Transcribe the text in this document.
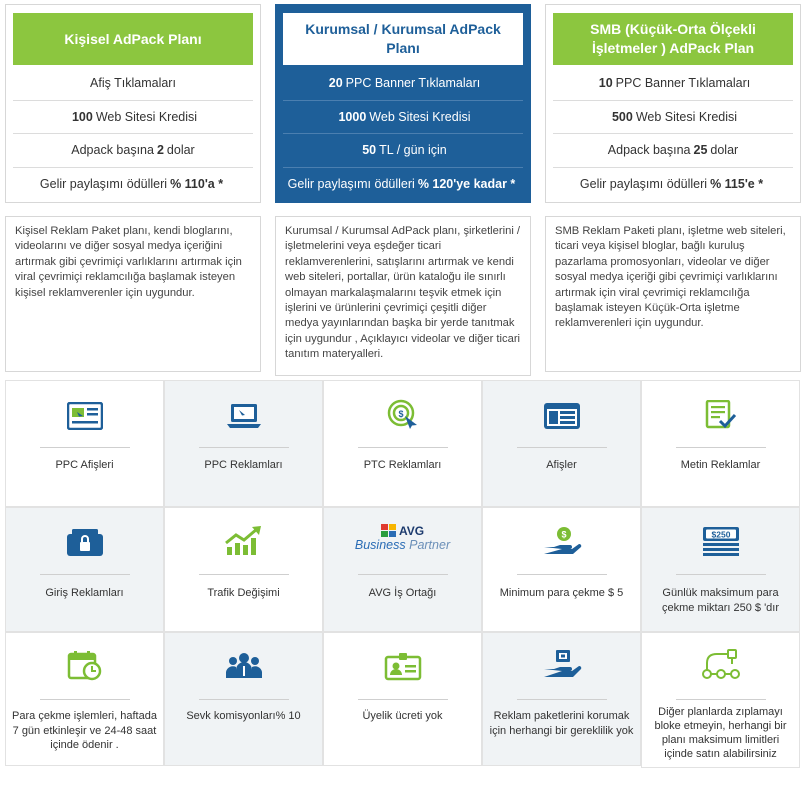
Kişisel AdPack Planı
Afiş Tıklamaları
100 Web Sitesi Kredisi
Adpack başına 2 dolar
Gelir paylaşımı ödülleri % 110'a *
Kurumsal / Kurumsal AdPack Planı
20 PPC Banner Tıklamaları
1000 Web Sitesi Kredisi
50 TL / gün için
Gelir paylaşımı ödülleri % 120'ye kadar *
SMB (Küçük-Orta Ölçekli İşletmeler ) AdPack Plan
10 PPC Banner Tıklamaları
500 Web Sitesi Kredisi
Adpack başına 25 dolar
Gelir paylaşımı ödülleri % 115'e *
Kişisel Reklam Paket planı, kendi bloglarını, videolarını ve diğer sosyal medya içeriğini artırmak gibi çevrimiçi varlıklarını artırmak için viral çevrimiçi reklamcılığa başlamak isteyen kişisel reklamverenler için uygundur.
Kurumsal / Kurumsal AdPack planı, şirketlerini / işletmelerini veya eşdeğer ticari reklamverenlerini, satışlarını artırmak ve kendi web siteleri, portallar, ürün kataloğu ile sınırlı olmayan markalaşmalarını teşvik etmek için işlerini ve ürünlerini çevrimiçi çeşitli diğer medya yayınlarından başka bir yerde tanıtmak için uygundur , Açıklayıcı videolar ve diğer ticari tanıtım materyalleri.
SMB Reklam Paketi planı, işletme web siteleri, ticari veya kişisel bloglar, bağlı kuruluş pazarlama promosyonları, videolar ve diğer sosyal medya içeriği gibi çevrimiçi varlıklarını artırmak için viral çevrimiçi reklamcılığa başlamak isteyen Küçük-Orta işletme reklamverenleri için uygundur.
PPC Afişleri	PPC Reklamları
$
PTC Reklamları	Afişler	Metin Reklamlar
Giriş Reklamları	Trafik Değişimi
AVG
Business Partner
AVG İş Ortağı
$
Minimum para çekme $ 5
$250
Günlük maksimum para çekme miktarı 250 $ 'dır
Para çekme işlemleri, haftada 7 gün etkinleşir ve 24-48 saat içinde ödenir .
Sevk komisyonları% 10	Üyelik ücreti yok	Reklam paketlerini korumak için herhangi bir gereklilik yok
Diğer planlarda zıplamayı bloke etmeyin, herhangi bir planı maksimum limitleri içinde satın alabilirsiniz
